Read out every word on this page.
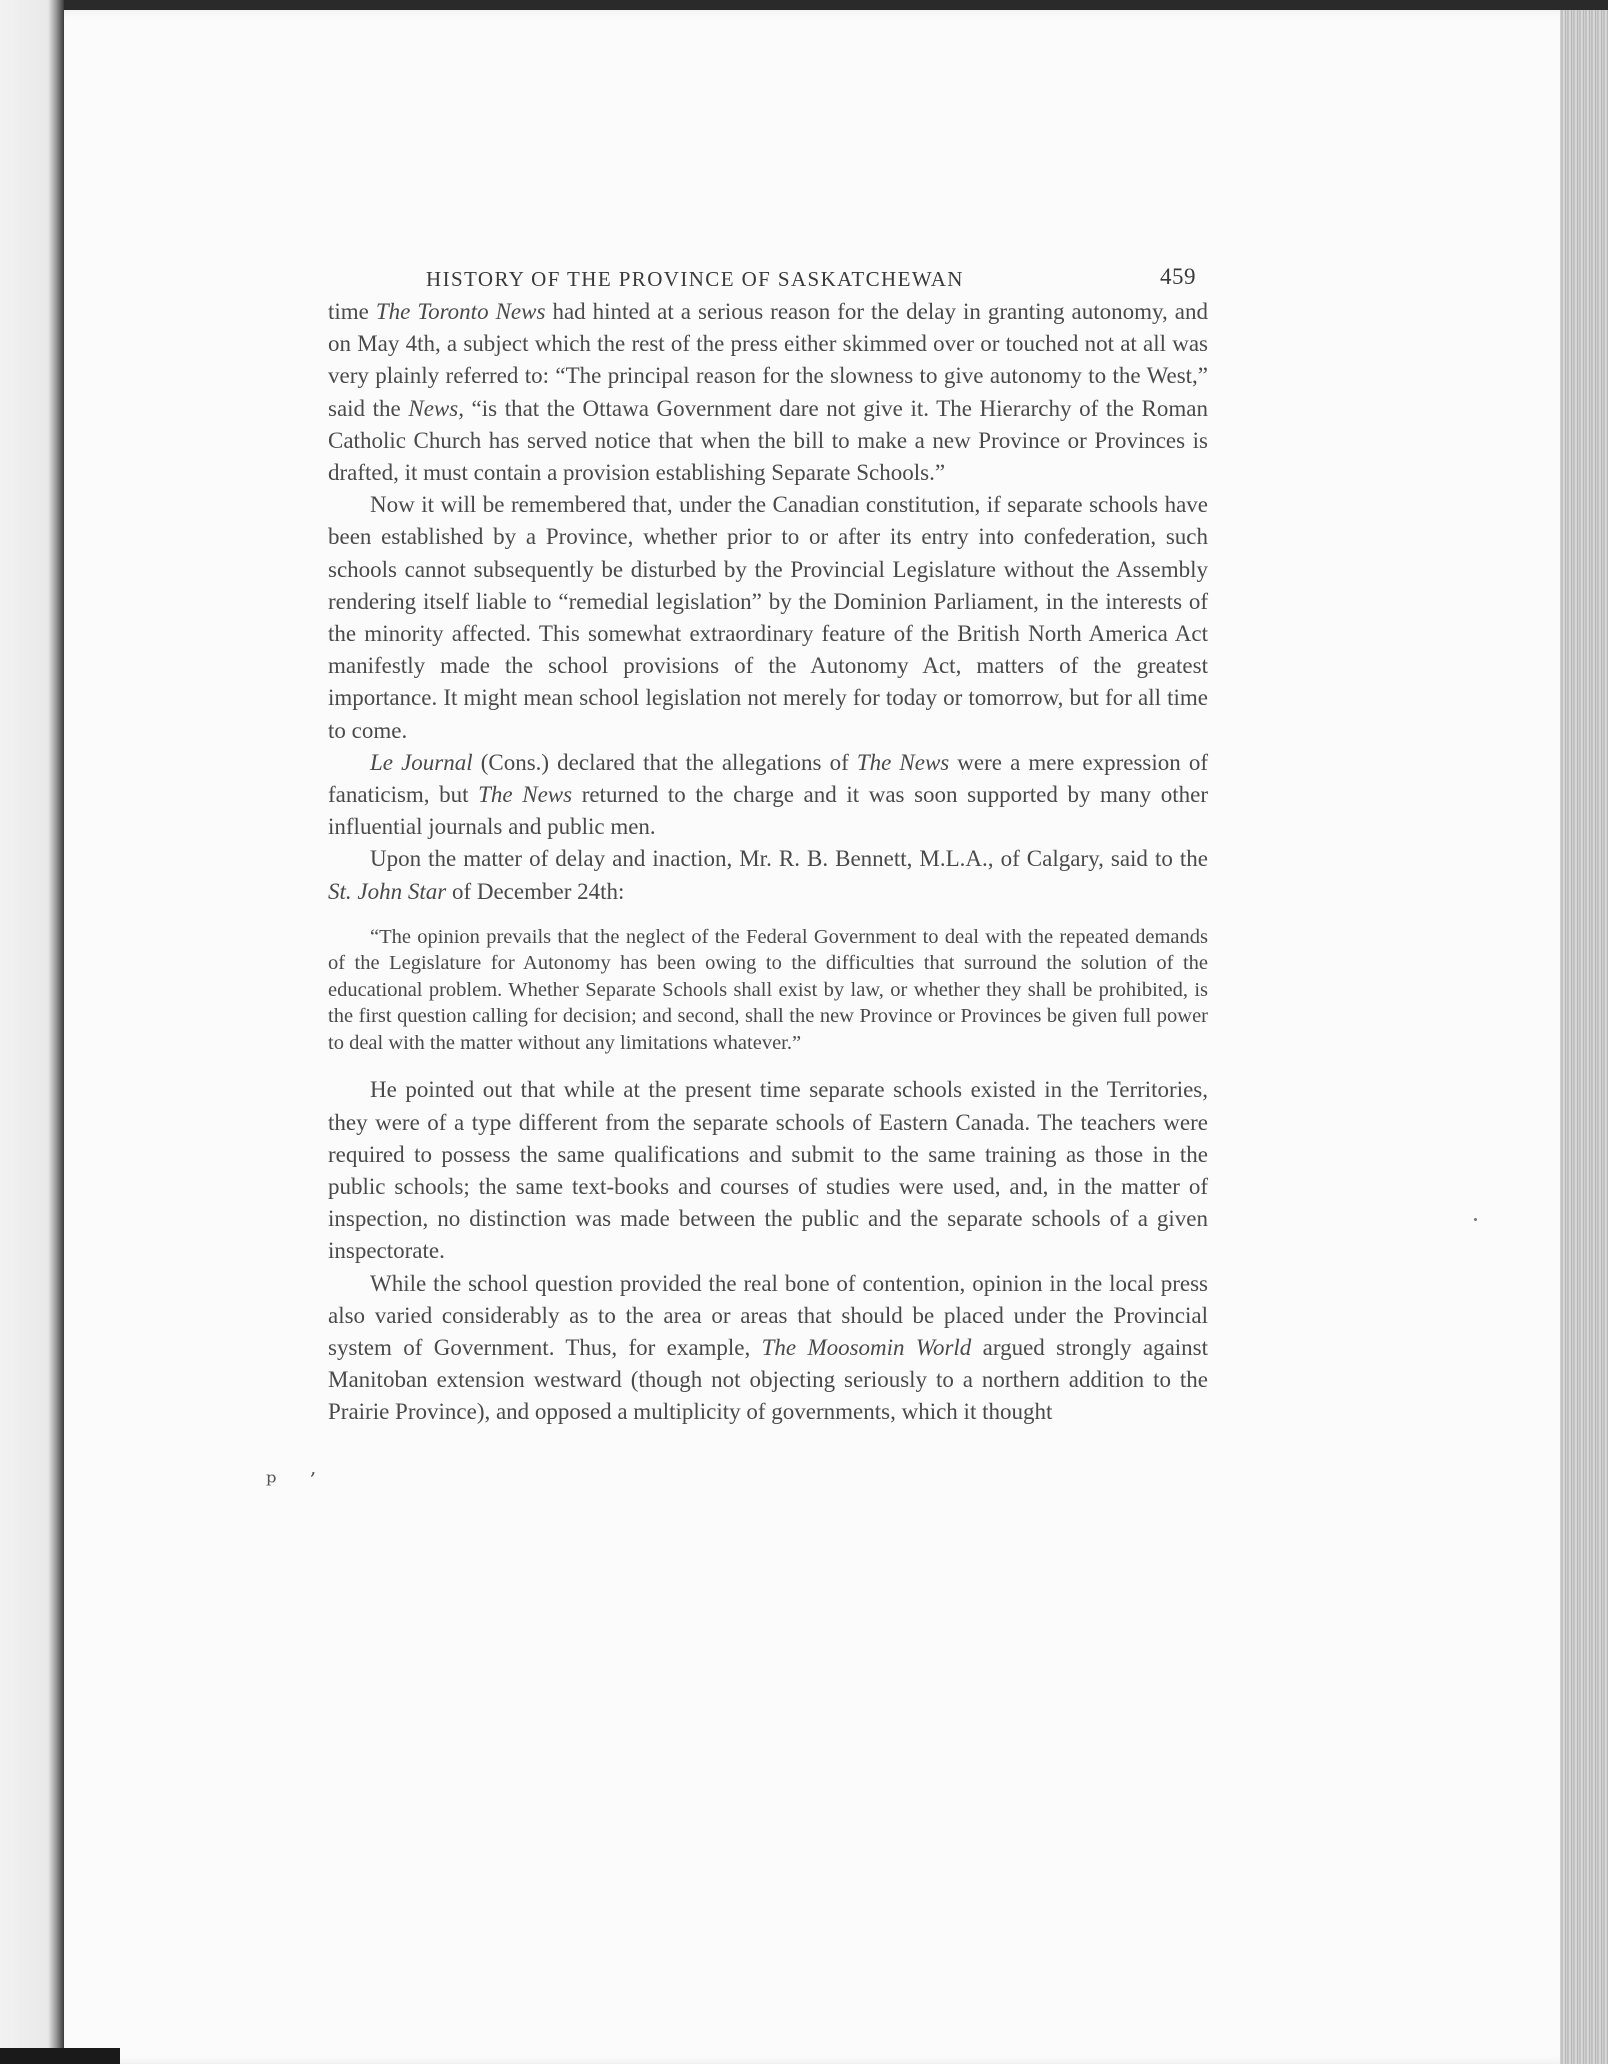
HISTORY OF THE PROVINCE OF SASKATCHEWAN	459

time The Toronto News had hinted at a serious reason for the delay in granting autonomy, and on May 4th, a subject which the rest of the press either skimmed over or touched not at all was very plainly referred to: “The principal reason for the slowness to give autonomy to the West,” said the News, “is that the Ottawa Government dare not give it. The Hierarchy of the Roman Catholic Church has served notice that when the bill to make a new Province or Provinces is drafted, it must contain a provision establishing Separate Schools.”

Now it will be remembered that, under the Canadian constitution, if separate schools have been established by a Province, whether prior to or after its entry into confederation, such schools cannot subsequently be disturbed by the Provincial Legislature without the Assembly rendering itself liable to “remedial legislation” by the Dominion Parliament, in the interests of the minority affected. This somewhat extraordinary feature of the British North America Act manifestly made the school provisions of the Autonomy Act, matters of the greatest importance. It might mean school legislation not merely for today or tomorrow, but for all time to come.

Le Journal (Cons.) declared that the allegations of The News were a mere expression of fanaticism, but The News returned to the charge and it was soon supported by many other influential journals and public men.

Upon the matter of delay and inaction, Mr. R. B. Bennett, M.L.A., of Calgary, said to the St. John Star of December 24th:

“The opinion prevails that the neglect of the Federal Government to deal with the repeated demands of the Legislature for Autonomy has been owing to the difficulties that surround the solution of the educational problem. Whether Separate Schools shall exist by law, or whether they shall be prohibited, is the first question calling for decision; and second, shall the new Province or Provinces be given full power to deal with the matter without any limitations whatever.”

He pointed out that while at the present time separate schools existed in the Territories, they were of a type different from the separate schools of Eastern Canada. The teachers were required to possess the same qualifications and submit to the same training as those in the public schools; the same text-books and courses of studies were used, and, in the matter of inspection, no distinction was made between the public and the separate schools of a given inspectorate.

While the school question provided the real bone of contention, opinion in the local press also varied considerably as to the area or areas that should be placed under the Provincial system of Government. Thus, for example, The Moosomin World argued strongly against Manitoban extension westward (though not objecting seriously to a northern addition to the Prairie Province), and opposed a multiplicity of governments, which it thought

ᵖ
,
